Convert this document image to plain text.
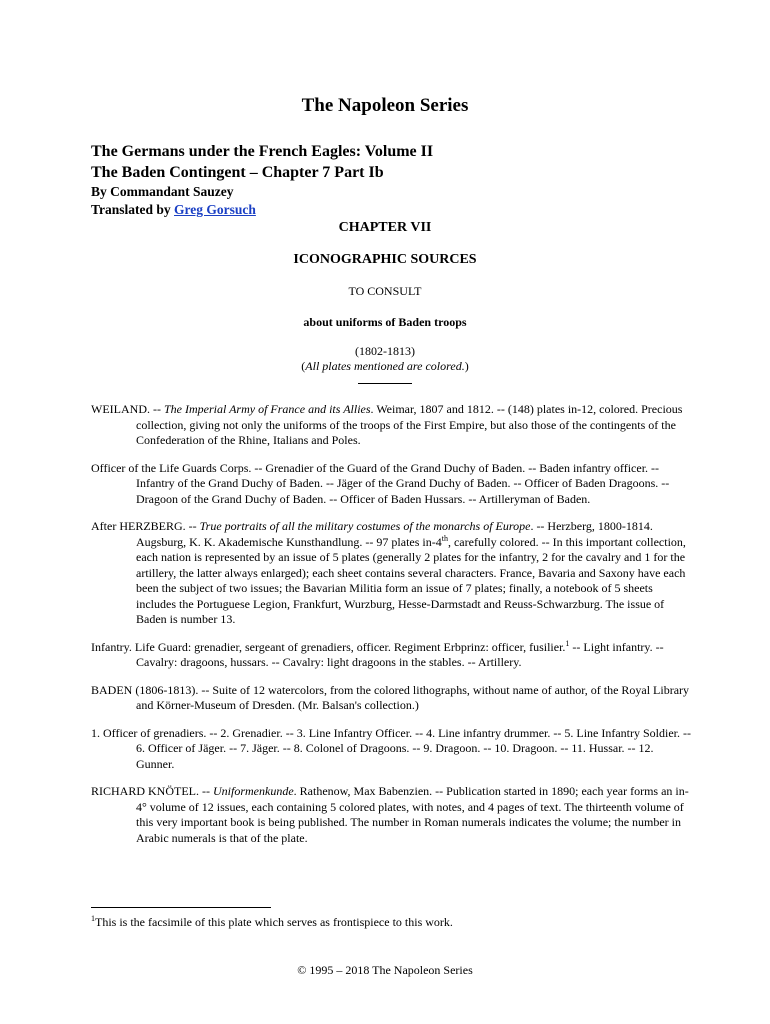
The Napoleon Series
The Germans under the French Eagles: Volume II
The Baden Contingent – Chapter 7 Part Ib
By Commandant Sauzey
Translated by Greg Gorsuch
CHAPTER VII
ICONOGRAPHIC SOURCES
TO CONSULT
about uniforms of Baden troops
(1802-1813)
(All plates mentioned are colored.)

WEILAND. -- The Imperial Army of France and its Allies. Weimar, 1807 and 1812. -- (148) plates in-12, colored. Precious collection, giving not only the uniforms of the troops of the First Empire, but also those of the contingents of the Confederation of the Rhine, Italians and Poles.

Officer of the Life Guards Corps. -- Grenadier of the Guard of the Grand Duchy of Baden. -- Baden infantry officer. -- Infantry of the Grand Duchy of Baden. -- Jäger of the Grand Duchy of Baden. -- Officer of Baden Dragoons. -- Dragoon of the Grand Duchy of Baden. -- Officer of Baden Hussars. -- Artilleryman of Baden.

After HERZBERG. -- True portraits of all the military costumes of the monarchs of Europe. -- Herzberg, 1800-1814. Augsburg, K. K. Akademische Kunsthandlung. -- 97 plates in-4th, carefully colored. -- In this important collection, each nation is represented by an issue of 5 plates (generally 2 plates for the infantry, 2 for the cavalry and 1 for the artillery, the latter always enlarged); each sheet contains several characters. France, Bavaria and Saxony have each been the subject of two issues; the Bavarian Militia form an issue of 7 plates; finally, a notebook of 5 sheets includes the Portuguese Legion, Frankfurt, Wurzburg, Hesse-Darmstadt and Reuss-Schwarzburg. The issue of Baden is number 13.

Infantry. Life Guard: grenadier, sergeant of grenadiers, officer. Regiment Erbprinz: officer, fusilier.$^1$ -- Light infantry. -- Cavalry: dragoons, hussars. -- Cavalry: light dragoons in the stables. -- Artillery.

BADEN (1806-1813). -- Suite of 12 watercolors, from the colored lithographs, without name of author, of the Royal Library and Körner-Museum of Dresden. (Mr. Balsan's collection.)

1. Officer of grenadiers. -- 2. Grenadier. -- 3. Line Infantry Officer. -- 4. Line infantry drummer. -- 5. Line Infantry Soldier. -- 6. Officer of Jäger. -- 7. Jäger. -- 8. Colonel of Dragoons. -- 9. Dragoon. -- 10. Dragoon. -- 11. Hussar. -- 12. Gunner.

RICHARD KNÖTEL. -- Uniformenkunde. Rathenow, Max Babenzien. -- Publication started in 1890; each year forms an in-4° volume of 12 issues, each containing 5 colored plates, with notes, and 4 pages of text. The thirteenth volume of this very important book is being published. The number in Roman numerals indicates the volume; the number in Arabic numerals is that of the plate.

$^1$This is the facsimile of this plate which serves as frontispiece to this work.
© 1995 – 2018 The Napoleon Series
